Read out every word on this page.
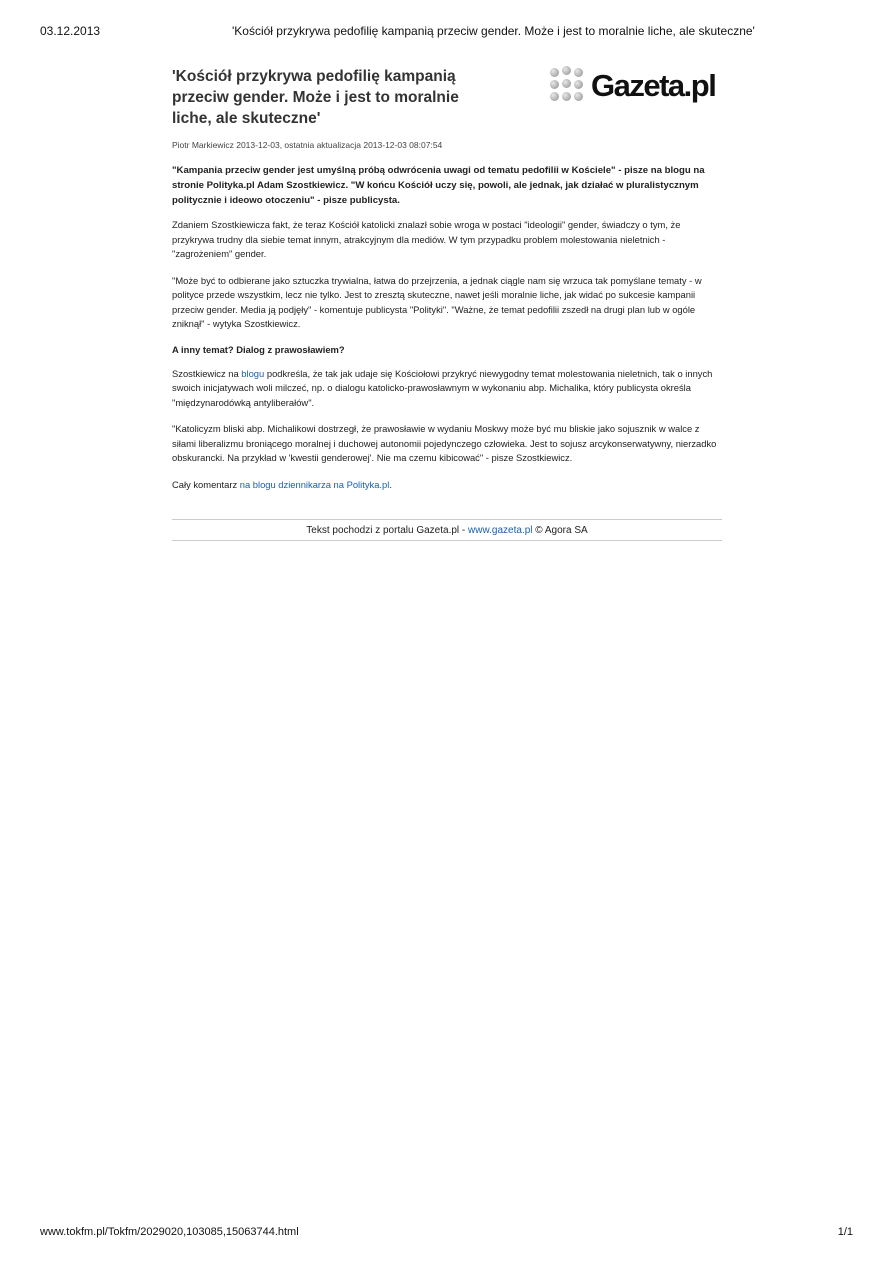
03.12.2013	'Kościół przykrywa pedofilię kampanią przeciw gender. Może i jest to moralnie liche, ale skuteczne'
'Kościół przykrywa pedofilię kampanią przeciw gender. Może i jest to moralnie liche, ale skuteczne'
Gazeta.pl
Piotr Markiewicz 2013-12-03, ostatnia aktualizacja 2013-12-03 08:07:54

"Kampania przeciw gender jest umyślną próbą odwrócenia uwagi od tematu pedofilii w Kościele" - pisze na blogu na stronie Polityka.pl Adam Szostkiewicz. "W końcu Kościół uczy się, powoli, ale jednak, jak działać w pluralistycznym politycznie i ideowo otoczeniu" - pisze publicysta.

Zdaniem Szostkiewicza fakt, że teraz Kościół katolicki znalazł sobie wroga w postaci "ideologii" gender, świadczy o tym, że przykrywa trudny dla siebie temat innym, atrakcyjnym dla mediów. W tym przypadku problem molestowania nieletnich - "zagrożeniem" gender.

"Może być to odbierane jako sztuczka trywialna, łatwa do przejrzenia, a jednak ciągle nam się wrzuca tak pomyślane tematy - w polityce przede wszystkim, lecz nie tylko. Jest to zresztą skuteczne, nawet jeśli moralnie liche, jak widać po sukcesie kampanii przeciw gender. Media ją podjęły" - komentuje publicysta "Polityki". "Ważne, że temat pedofilii zszedł na drugi plan lub w ogóle zniknął" - wytyka Szostkiewicz.

A inny temat? Dialog z prawosławiem?

Szostkiewicz na blogu podkreśla, że tak jak udaje się Kościołowi przykryć niewygodny temat molestowania nieletnich, tak o innych swoich inicjatywach woli milczeć, np. o dialogu katolicko-prawosławnym w wykonaniu abp. Michalika, który publicysta określa "międzynarodówką antyliberałów".

"Katolicyzm bliski abp. Michalikowi dostrzegł, że prawosławie w wydaniu Moskwy może być mu bliskie jako sojusznik w walce z siłami liberalizmu broniącego moralnej i duchowej autonomii pojedynczego człowieka. Jest to sojusz arcykonserwatywny, nierzadko obskurancki. Na przykład w 'kwestii genderowej'. Nie ma czemu kibicować" - pisze Szostkiewicz.

Cały komentarz na blogu dziennikarza na Polityka.pl.

Tekst pochodzi z portalu Gazeta.pl - www.gazeta.pl © Agora SA
www.tokfm.pl/Tokfm/2029020,103085,15063744.html	1/1
